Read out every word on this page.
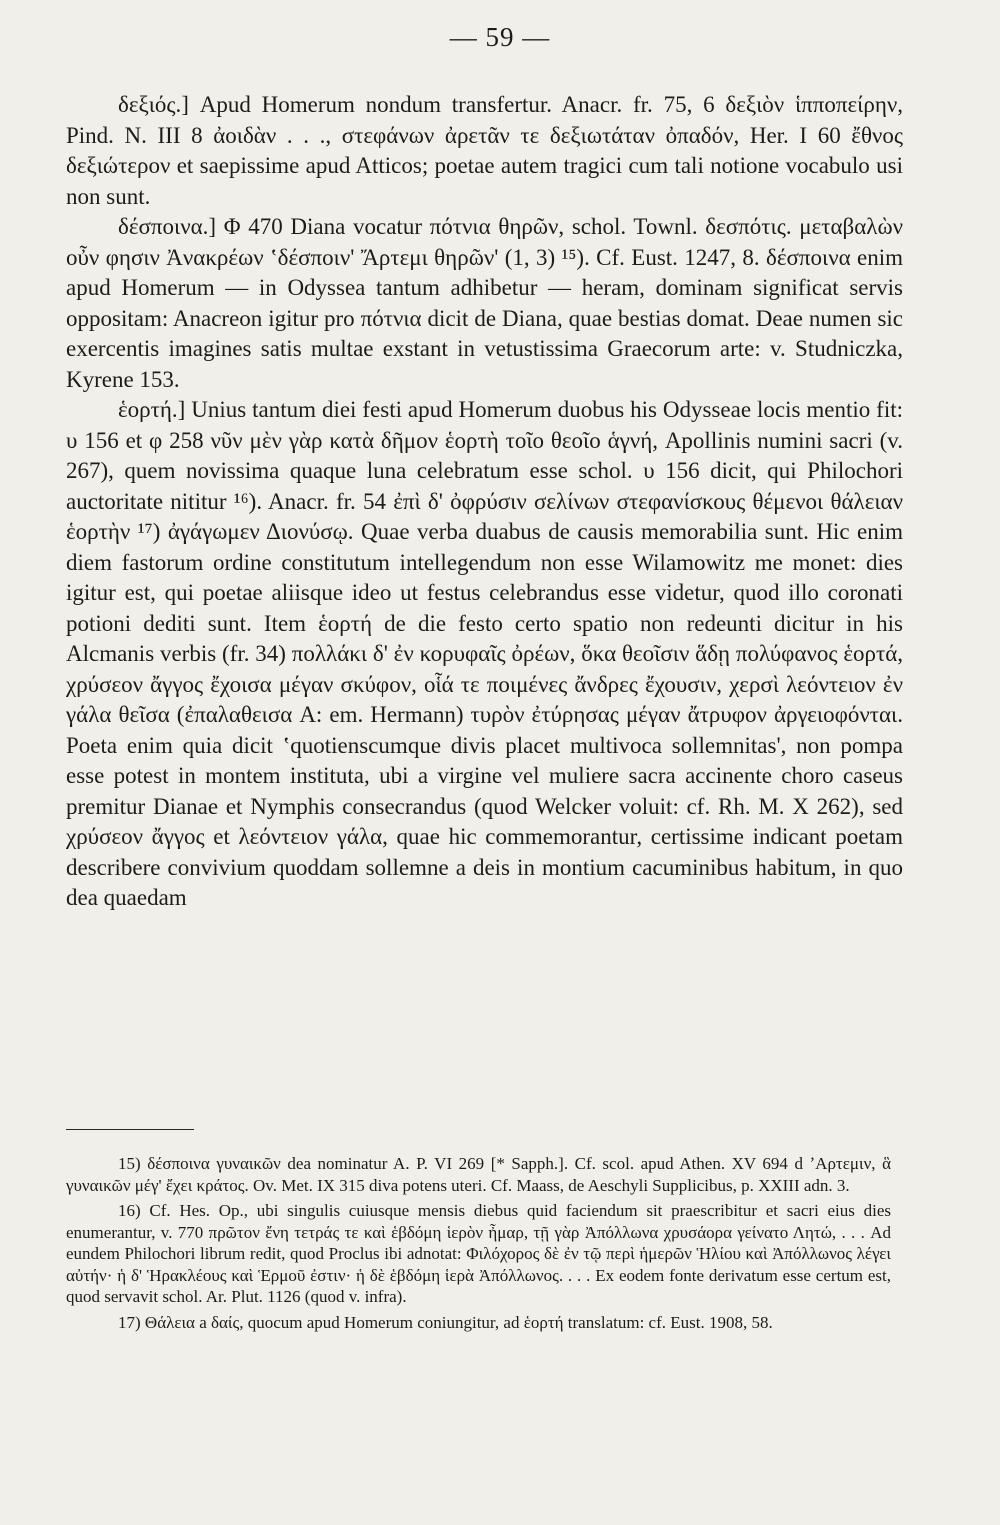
— 59 —

δεξιός.] Apud Homerum nondum transfertur. Anacr. fr. 75, 6 δεξιὸν ἱπποπείρην, Pind. N. III 8 ἀοιδὰν . . ., στεφάνων ἀρετᾶν τε δεξιωτάταν ὀπαδόν, Her. I 60 ἔθνος δεξιώτερον et saepissime apud Atticos; poetae autem tragici cum tali notione vocabulo usi non sunt.

δέσποινα.] Φ 470 Diana vocatur πότνια θηρῶν, schol. Townl. δεσπότις. μεταβαλὼν οὖν φησιν Ἀνακρέων ʽδέσποιν' Ἄρτεμι θηρῶν' (1, 3) ¹⁵). Cf. Eust. 1247, 8. δέσποινα enim apud Homerum — in Odyssea tantum adhibetur — heram, dominam significat servis oppositam: Anacreon igitur pro πότνια dicit de Diana, quae bestias domat. Deae numen sic exercentis imagines satis multae exstant in vetustissima Graecorum arte: v. Studniczka, Kyrene 153.

ἑορτή.] Unius tantum diei festi apud Homerum duobus his Odysseae locis mentio fit: υ 156 et φ 258 νῦν μὲν γὰρ κατὰ δῆμον ἑορτὴ τοῖο θεοῖο ἁγνή, Apollinis numini sacri (v. 267), quem novissima quaque luna celebratum esse schol. υ 156 dicit, qui Philochori auctoritate nititur ¹⁶). Anacr. fr. 54 ἐπὶ δ' ὀφρύσιν σελίνων στεφανίσκους θέμενοι θάλειαν ἑορτὴν ¹⁷) ἀγάγωμεν Διονύσῳ. Quae verba duabus de causis memorabilia sunt. Hic enim diem fastorum ordine constitutum intellegendum non esse Wilamowitz me monet: dies igitur est, qui poetae aliisque ideo ut festus celebrandus esse videtur, quod illo coronati potioni dediti sunt. Item ἑορτή de die festo certo spatio non redeunti dicitur in his Alcmanis verbis (fr. 34) πολλάκι δ' ἐν κορυφαῖς ὀρέων, ὅκα θεοῖσιν ἅδῃ πολύφανος ἑορτά, χρύσεον ἄγγος ἔχοισα μέγαν σκύφον, οἷά τε ποιμένες ἄνδρες ἔχουσιν, χερσὶ λεόντειον ἐν γάλα θεῖσα (ἐπαλαθεισα A: em. Hermann) τυρὸν ἐτύρησας μέγαν ἄτρυφον ἀργειοφόνται. Poeta enim quia dicit ʽquotienscumque divis placet multivoca sollemnitas', non pompa esse potest in montem instituta, ubi a virgine vel muliere sacra accinente choro caseus premitur Dianae et Nymphis consecrandus (quod Welcker voluit: cf. Rh. M. X 262), sed χρύσεον ἄγγος et λεόντειον γάλα, quae hic commemorantur, certissime indicant poetam describere convivium quoddam sollemne a deis in montium cacuminibus habitum, in quo dea quaedam

15) δέσποινα γυναικῶν dea nominatur A. P. VI 269 [* Sapph.]. Cf. scol. apud Athen. XV 694 d ʼΑρτεμιν, ἃ γυναικῶν μέγ' ἔχει κράτος. Ov. Met. IX 315 diva potens uteri. Cf. Maass, de Aeschyli Supplicibus, p. XXIII adn. 3.

16) Cf. Hes. Op., ubi singulis cuiusque mensis diebus quid faciendum sit praescribitur et sacri eius dies enumerantur, v. 770 πρῶτον ἔνη τετράς τε καὶ ἑβδόμη ἱερὸν ἦμαρ, τῇ γὰρ Ἀπόλλωνα χρυσάορα γείνατο Λητώ, . . . Ad eundem Philochori librum redit, quod Proclus ibi adnotat: Φιλόχορος δὲ ἐν τῷ περὶ ἡμερῶν Ἡλίου καὶ Ἀπόλλωνος λέγει αὐτήν· ἡ δ' Ἡρακλέους καὶ Ἑρμοῦ ἐστιν· ἡ δὲ ἑβδόμη ἱερὰ Ἀπόλλωνος. . . . Ex eodem fonte derivatum esse certum est, quod servavit schol. Ar. Plut. 1126 (quod v. infra).

17) Θάλεια a δαίς, quocum apud Homerum coniungitur, ad ἑορτή translatum: cf. Eust. 1908, 58.
